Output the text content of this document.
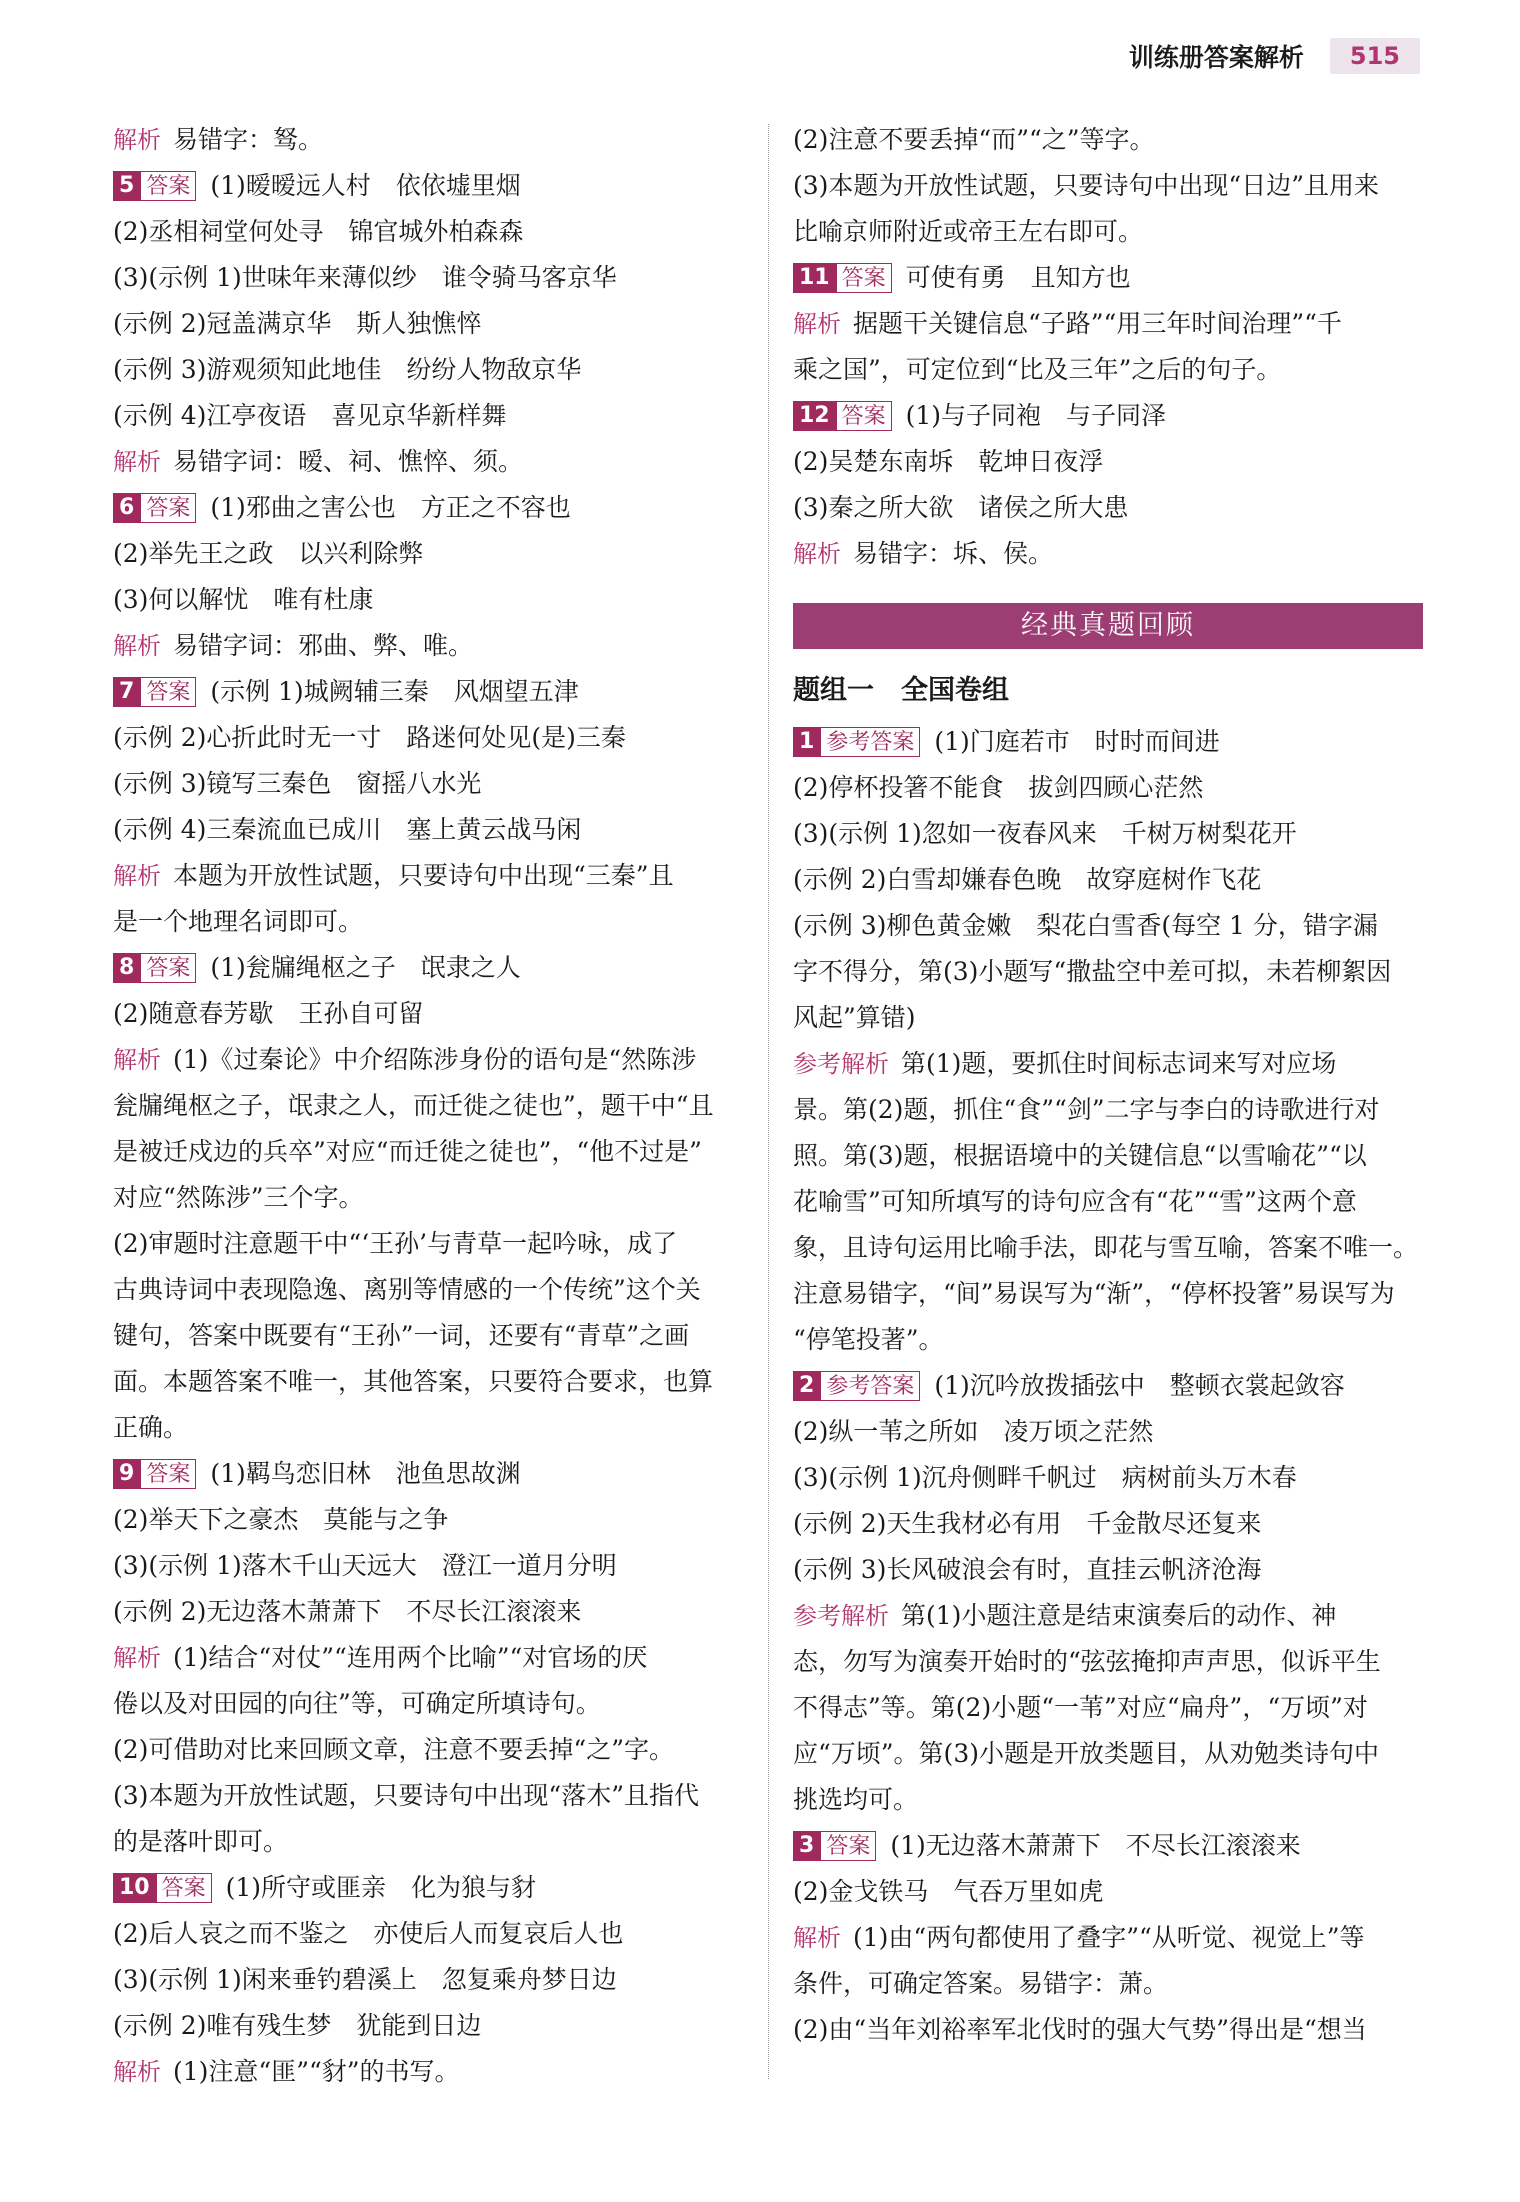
训练册答案解析	515
解析 易错字：驽。
5 答案 (1)暧暧远人村　依依墟里烟
(2)丞相祠堂何处寻　锦官城外柏森森
(3)(示例 1)世味年来薄似纱　谁令骑马客京华
(示例 2)冠盖满京华　斯人独憔悴
(示例 3)游观须知此地佳　纷纷人物敌京华
(示例 4)江亭夜语　喜见京华新样舞
解析 易错字词：暧、祠、憔悴、须。
6 答案 (1)邪曲之害公也　方正之不容也
(2)举先王之政　以兴利除弊
(3)何以解忧　唯有杜康
解析 易错字词：邪曲、弊、唯。
7 答案 (示例 1)城阙辅三秦　风烟望五津
(示例 2)心折此时无一寸　路迷何处见(是)三秦
(示例 3)镜写三秦色　窗摇八水光
(示例 4)三秦流血已成川　塞上黄云战马闲
解析 本题为开放性试题，只要诗句中出现“三秦”且
是一个地理名词即可。
8 答案 (1)瓮牖绳枢之子　氓隶之人
(2)随意春芳歇　王孙自可留
解析 (1)《过秦论》中介绍陈涉身份的语句是“然陈涉
瓮牖绳枢之子，氓隶之人，而迁徙之徒也”，题干中“且
是被迁戍边的兵卒”对应“而迁徙之徒也”，“他不过是”
对应“然陈涉”三个字。
(2)审题时注意题干中“‘王孙’与青草一起吟咏，成了
古典诗词中表现隐逸、离别等情感的一个传统”这个关
键句，答案中既要有“王孙”一词，还要有“青草”之画
面。本题答案不唯一，其他答案，只要符合要求，也算
正确。
9 答案 (1)羁鸟恋旧林　池鱼思故渊
(2)举天下之豪杰　莫能与之争
(3)(示例 1)落木千山天远大　澄江一道月分明
(示例 2)无边落木萧萧下　不尽长江滚滚来
解析 (1)结合“对仗”“连用两个比喻”“对官场的厌
倦以及对田园的向往”等，可确定所填诗句。
(2)可借助对比来回顾文章，注意不要丢掉“之”字。
(3)本题为开放性试题，只要诗句中出现“落木”且指代
的是落叶即可。
10 答案 (1)所守或匪亲　化为狼与豺
(2)后人哀之而不鉴之　亦使后人而复哀后人也
(3)(示例 1)闲来垂钓碧溪上　忽复乘舟梦日边
(示例 2)唯有残生梦　犹能到日边
解析 (1)注意“匪”“豺”的书写。
(2)注意不要丢掉“而”“之”等字。
(3)本题为开放性试题，只要诗句中出现“日边”且用来
比喻京师附近或帝王左右即可。
11 答案 可使有勇　且知方也
解析 据题干关键信息“子路”“用三年时间治理”“千
乘之国”，可定位到“比及三年”之后的句子。
12 答案 (1)与子同袍　与子同泽
(2)吴楚东南坼　乾坤日夜浮
(3)秦之所大欲　诸侯之所大患
解析 易错字：坼、侯。
经典真题回顾
题组一　全国卷组
1 参考答案 (1)门庭若市　时时而间进
(2)停杯投箸不能食　拔剑四顾心茫然
(3)(示例 1)忽如一夜春风来　千树万树梨花开
(示例 2)白雪却嫌春色晚　故穿庭树作飞花
(示例 3)柳色黄金嫩　梨花白雪香(每空 1 分，错字漏
字不得分，第(3)小题写“撒盐空中差可拟，未若柳絮因
风起”算错)
参考解析 第(1)题，要抓住时间标志词来写对应场
景。第(2)题，抓住“食”“剑”二字与李白的诗歌进行对
照。第(3)题，根据语境中的关键信息“以雪喻花”“以
花喻雪”可知所填写的诗句应含有“花”“雪”这两个意
象，且诗句运用比喻手法，即花与雪互喻，答案不唯一。
注意易错字，“间”易误写为“渐”，“停杯投箸”易误写为
“停笔投著”。
2 参考答案 (1)沉吟放拨插弦中　整顿衣裳起敛容
(2)纵一苇之所如　凌万顷之茫然
(3)(示例 1)沉舟侧畔千帆过　病树前头万木春
(示例 2)天生我材必有用　千金散尽还复来
(示例 3)长风破浪会有时，直挂云帆济沧海
参考解析 第(1)小题注意是结束演奏后的动作、神
态，勿写为演奏开始时的“弦弦掩抑声声思，似诉平生
不得志”等。第(2)小题“一苇”对应“扁舟”，“万顷”对
应“万顷”。第(3)小题是开放类题目，从劝勉类诗句中
挑选均可。
3 答案 (1)无边落木萧萧下　不尽长江滚滚来
(2)金戈铁马　气吞万里如虎
解析 (1)由“两句都使用了叠字”“从听觉、视觉上”等
条件，可确定答案。易错字：萧。
(2)由“当年刘裕率军北伐时的强大气势”得出是“想当
